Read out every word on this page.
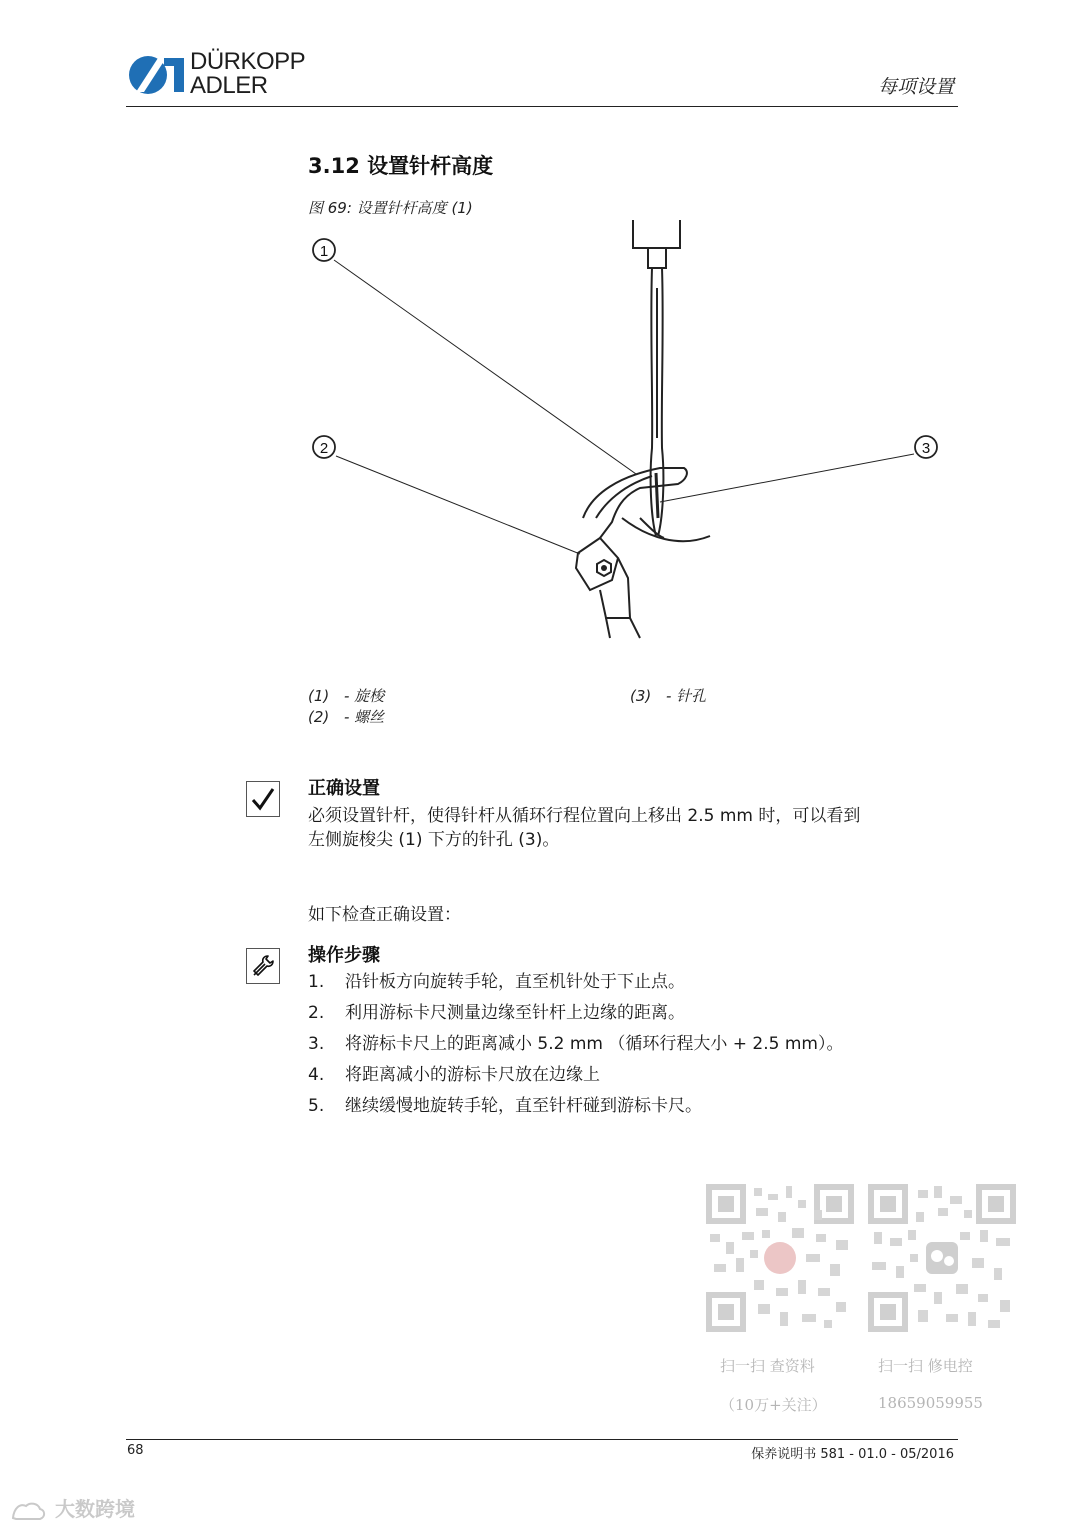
DÜRKOPP
ADLER	每项设置
3.12 设置针杆高度
图 69: 设置针杆高度 (1)
1
2	3
(1) - 旋梭
(2) - 螺丝
(3) - 针孔
正确设置
必须设置针杆，使得针杆从循环行程位置向上移出 2.5 mm 时，可以看到
左侧旋梭尖 (1) 下方的针孔 (3)。
如下检查正确设置：
操作步骤
1. 沿针板方向旋转手轮，直至机针处于下止点。
2. 利用游标卡尺测量边缘至针杆上边缘的距离。
3. 将游标卡尺上的距离减小 5.2 mm （循环行程大小 + 2.5 mm）。
4. 将距离减小的游标卡尺放在边缘上
5. 继续缓慢地旋转手轮，直至针杆碰到游标卡尺。
扫一扫 查资料
（10万+关注）
扫一扫 修电控
18659059955
68	保养说明书 581 - 01.0 - 05/2016
大数跨境
